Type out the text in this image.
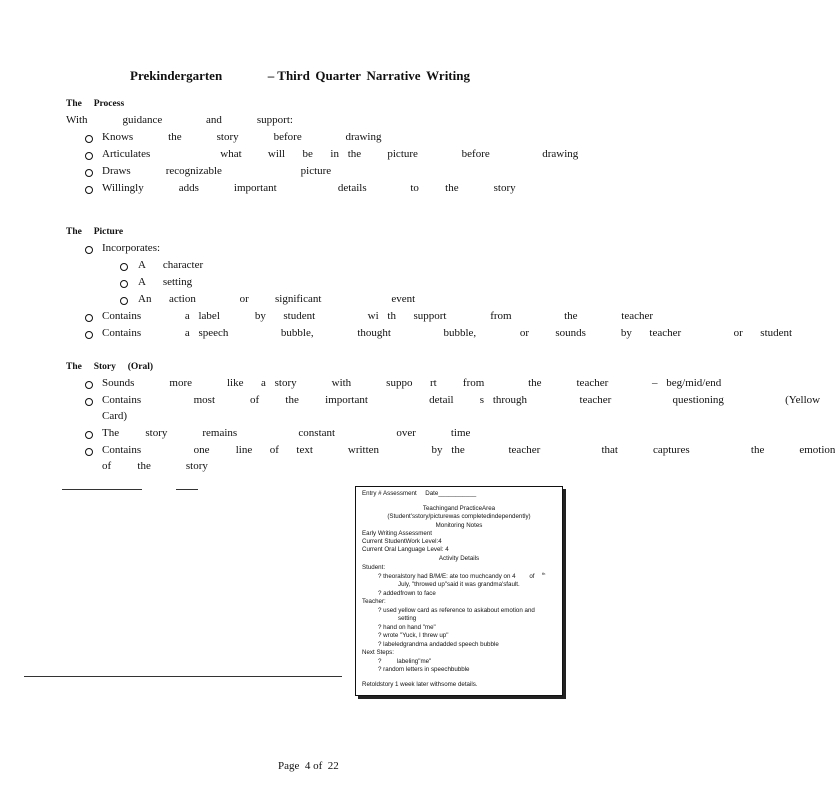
Prekindergarten	– Third Quarter Narrative Writing
The     Process
With    guidance     and    support:
Knows    the    story    before     drawing
Articulates        what   will  be  in the   picture     before      drawing
Draws    recognizable         picture
Willingly    adds    important       details     to   the    story
The     Picture
Incorporates:
A  character
A  setting
An  action     or   significant        event
Contains     a label    by  student      wi th  support     from      the     teacher
Contains     a speech      bubble,     thought      bubble,     or   sounds    by  teacher      or  student
The     Story     (Oral)
Sounds    more    like  a story    with    suppo  rt   from     the    teacher     – beg/mid/end
Contains      most    of   the   important       detail   s through      teacher       questioning       (Yellow
Card)
The   story    remains       constant       over    time
Contains      one   line  of  text    written      by the     teacher       that    captures       the    emotion
of   the    story
Entry # Assessment     Date___________
Teachingand PracticeArea
(Student'sstory/picturewas completedindependently)
Monitoring Notes
Early Writing Assessment
Current StudentWork Level:4
Current Oral Language Level: 4
Activity Details
Student:
? theoralstory had B/M/E: ate too muchcandy on 4        of th
July, "throwed up"said it was grandma'sfault.
? addedfrown to face
Teacher:
? used yellow card as reference to askabout emotion and
setting
? hand on hand "me"
? wrote "Yuck, I threw up"
? labeledgrandma andadded speech bubble
Next Steps:
?         labeling"me"
? random letters in speechbubble
Retoldstory 1 week later withsome details.
Page  4 of  22
